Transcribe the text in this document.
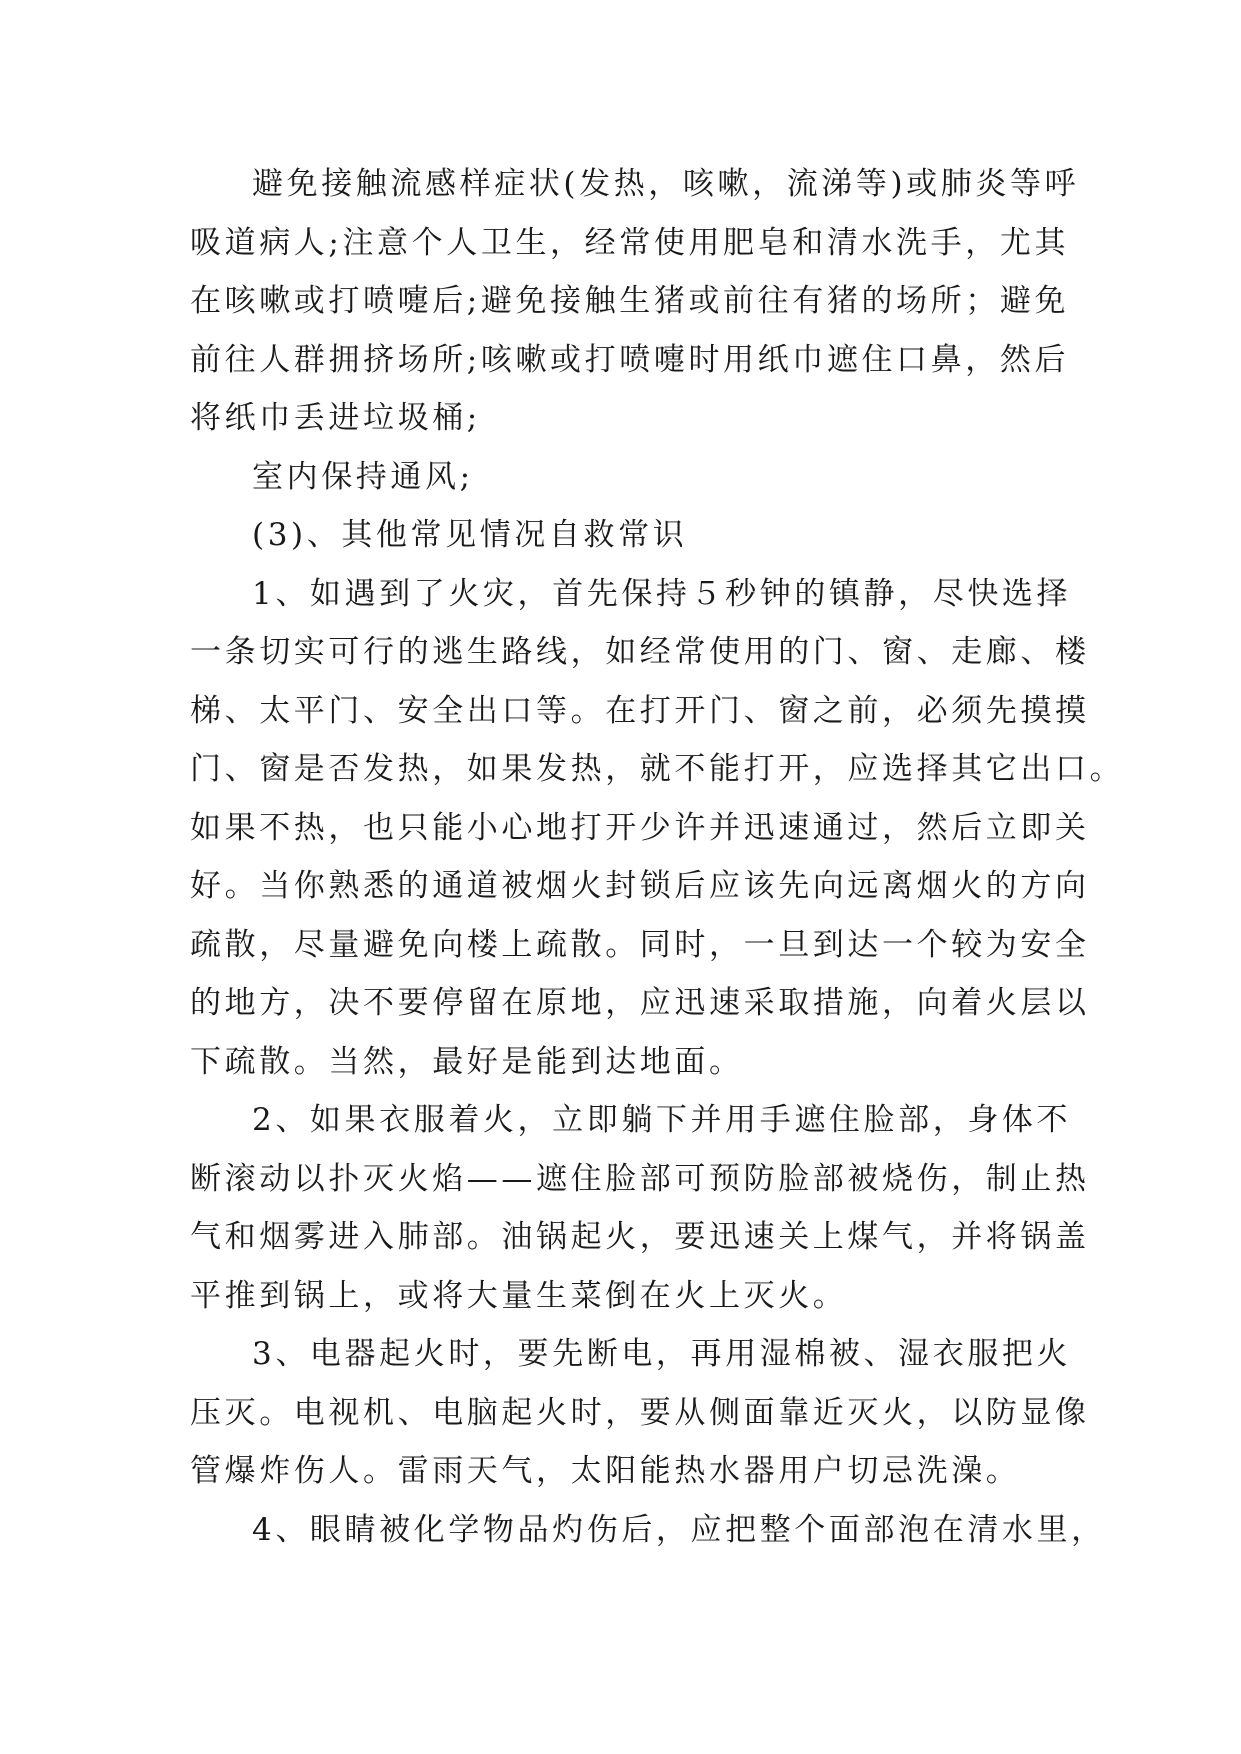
避免接触流感样症状(发热，咳嗽，流涕等)或肺炎等呼
吸道病人;注意个人卫生，经常使用肥皂和清水洗手，尤其
在咳嗽或打喷嚏后;避免接触生猪或前往有猪的场所；避免
前往人群拥挤场所;咳嗽或打喷嚏时用纸巾遮住口鼻，然后
将纸巾丢进垃圾桶;
室内保持通风;
(3)、其他常见情况自救常识
1、如遇到了火灾，首先保持５秒钟的镇静，尽快选择
一条切实可行的逃生路线，如经常使用的门、窗、走廊、楼
梯、太平门、安全出口等。在打开门、窗之前，必须先摸摸
门、窗是否发热，如果发热，就不能打开，应选择其它出口。
如果不热，也只能小心地打开少许并迅速通过，然后立即关
好。当你熟悉的通道被烟火封锁后应该先向远离烟火的方向
疏散，尽量避免向楼上疏散。同时，一旦到达一个较为安全
的地方，决不要停留在原地，应迅速采取措施，向着火层以
下疏散。当然，最好是能到达地面。
2、如果衣服着火，立即躺下并用手遮住脸部，身体不
断滚动以扑灭火焰——遮住脸部可预防脸部被烧伤，制止热
气和烟雾进入肺部。油锅起火，要迅速关上煤气，并将锅盖
平推到锅上，或将大量生菜倒在火上灭火。
3、电器起火时，要先断电，再用湿棉被、湿衣服把火
压灭。电视机、电脑起火时，要从侧面靠近灭火，以防显像
管爆炸伤人。雷雨天气，太阳能热水器用户切忌洗澡。
4、眼睛被化学物品灼伤后，应把整个面部泡在清水里，
